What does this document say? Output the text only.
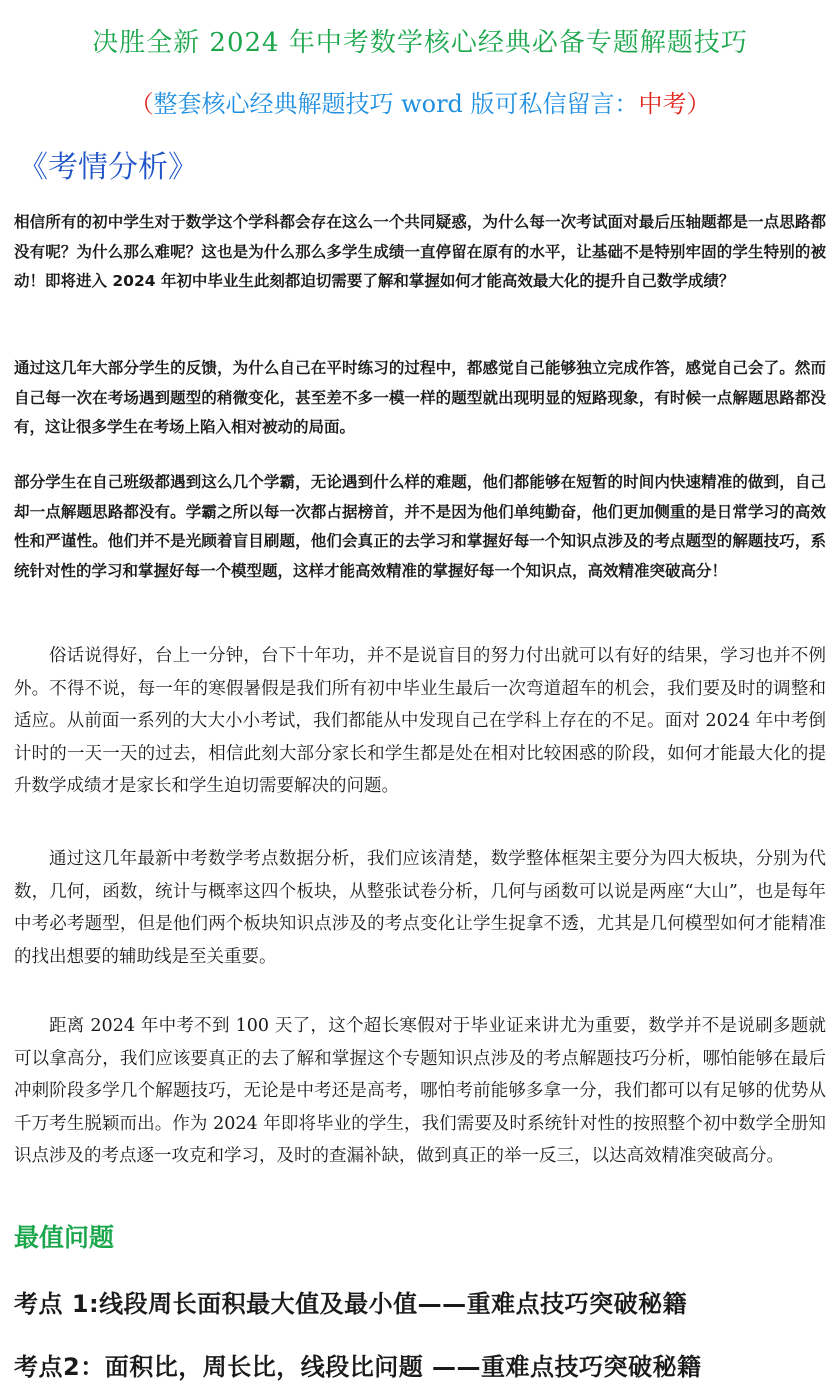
决胜全新 2024 年中考数学核心经典必备专题解题技巧
（整套核心经典解题技巧 word 版可私信留言：中考）
《考情分析》
相信所有的初中学生对于数学这个学科都会存在这么一个共同疑惑，为什么每一次考试面对最后压轴题都是一点思路都没有呢？为什么那么难呢？这也是为什么那么多学生成绩一直停留在原有的水平，让基础不是特别牢固的学生特别的被动！即将进入 2024 年初中毕业生此刻都迫切需要了解和掌握如何才能高效最大化的提升自己数学成绩？
通过这几年大部分学生的反馈，为什么自己在平时练习的过程中，都感觉自己能够独立完成作答，感觉自己会了。然而自己每一次在考场遇到题型的稍微变化，甚至差不多一模一样的题型就出现明显的短路现象，有时候一点解题思路都没有，这让很多学生在考场上陷入相对被动的局面。
部分学生在自己班级都遇到这么几个学霸，无论遇到什么样的难题，他们都能够在短暂的时间内快速精准的做到，自己却一点解题思路都没有。学霸之所以每一次都占据榜首，并不是因为他们单纯勤奋，他们更加侧重的是日常学习的高效性和严谨性。他们并不是光顾着盲目刷题，他们会真正的去学习和掌握好每一个知识点涉及的考点题型的解题技巧，系统针对性的学习和掌握好每一个模型题，这样才能高效精准的掌握好每一个知识点，高效精准突破高分！
俗话说得好，台上一分钟，台下十年功，并不是说盲目的努力付出就可以有好的结果，学习也并不例外。不得不说，每一年的寒假暑假是我们所有初中毕业生最后一次弯道超车的机会，我们要及时的调整和适应。从前面一系列的大大小小考试，我们都能从中发现自己在学科上存在的不足。面对 2024 年中考倒计时的一天一天的过去，相信此刻大部分家长和学生都是处在相对比较困惑的阶段，如何才能最大化的提升数学成绩才是家长和学生迫切需要解决的问题。
通过这几年最新中考数学考点数据分析，我们应该清楚，数学整体框架主要分为四大板块，分别为代数，几何，函数，统计与概率这四个板块，从整张试卷分析，几何与函数可以说是两座“大山”，也是每年中考必考题型，但是他们两个板块知识点涉及的考点变化让学生捉拿不透，尤其是几何模型如何才能精准的找出想要的辅助线是至关重要。
距离 2024 年中考不到 100 天了，这个超长寒假对于毕业证来讲尤为重要，数学并不是说刷多题就可以拿高分，我们应该要真正的去了解和掌握这个专题知识点涉及的考点解题技巧分析，哪怕能够在最后冲刺阶段多学几个解题技巧，无论是中考还是高考，哪怕考前能够多拿一分，我们都可以有足够的优势从千万考生脱颖而出。作为 2024 年即将毕业的学生，我们需要及时系统针对性的按照整个初中数学全册知识点涉及的考点逐一攻克和学习，及时的查漏补缺，做到真正的举一反三，以达高效精准突破高分。
最值问题
考点 1:线段周长面积最大值及最小值——重难点技巧突破秘籍
考点2：面积比，周长比，线段比问题 ——重难点技巧突破秘籍
